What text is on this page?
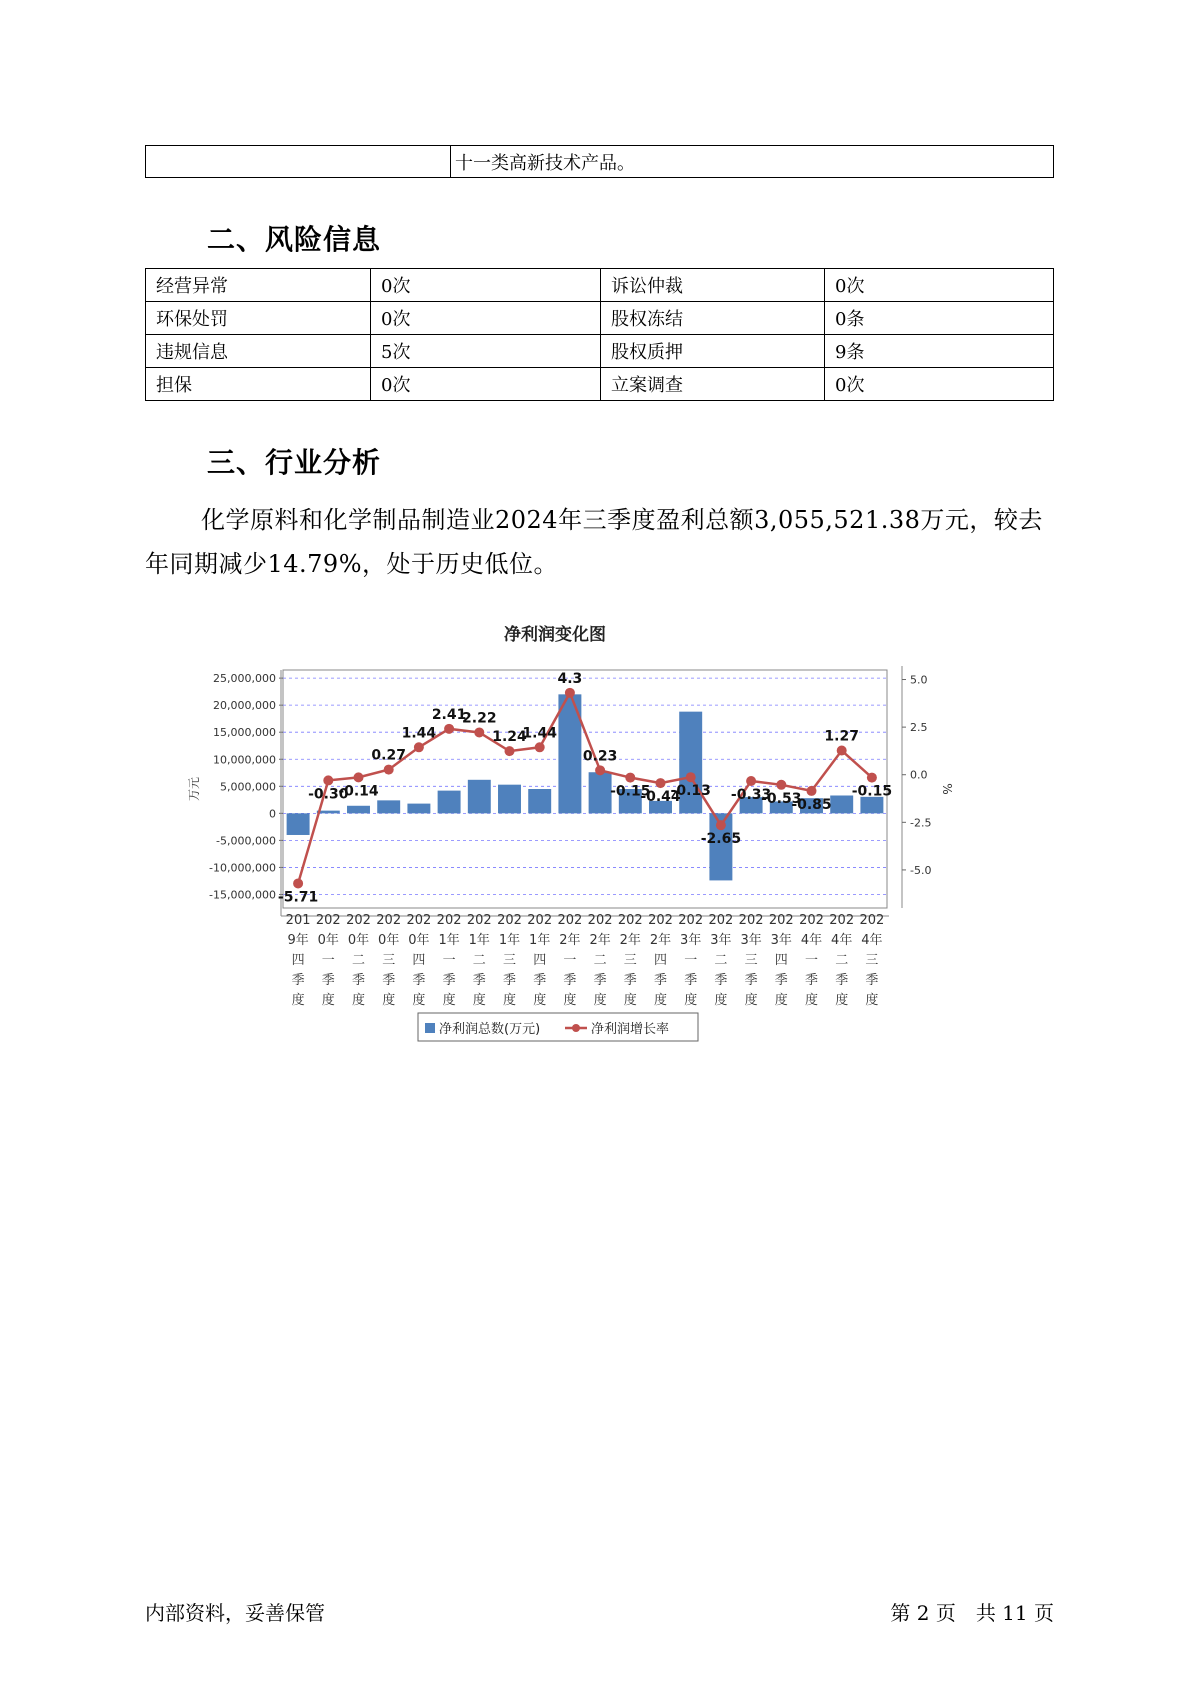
	十一类高新技术产品。
二、风险信息
经营异常	0次	诉讼仲裁	0次
环保处罚	0次	股权冻结	0条
违规信息	5次	股权质押	9条
担保	0次	立案调查	0次
三、行业分析
化学原料和化学制品制造业2024年三季度盈利总额3,055,521.38万元，较去年同期减少14.79%，处于历史低位。
净利润变化图
25,000,000
20,000,000
15,000,000
10,000,000
5,000,000
0
-5,000,000
-10,000,000
-15,000,000
万元
5.0
2.5
0.0
-2.5
-5.0
%
-5.71
-0.30
-0.14
0.27
1.44
2.41
2.22
1.24
1.44
4.3
0.23
-0.15
-0.44
-0.13
-2.65
-0.33
-0.53
-0.85
1.27
-0.15
201
9年
四
季
度
202
0年
一
季
度
202
0年
二
季
度
202
0年
三
季
度
202
0年
四
季
度
202
1年
一
季
度
202
1年
二
季
度
202
1年
三
季
度
202
1年
四
季
度
202
2年
一
季
度
202
2年
二
季
度
202
2年
三
季
度
202
2年
四
季
度
202
3年
一
季
度
202
3年
二
季
度
202
3年
三
季
度
202
3年
四
季
度
202
4年
一
季
度
202
4年
二
季
度
202
4年
三
季
度
净利润总数(万元)	净利润增长率
内部资料，妥善保管	第 2 页　共 11 页
